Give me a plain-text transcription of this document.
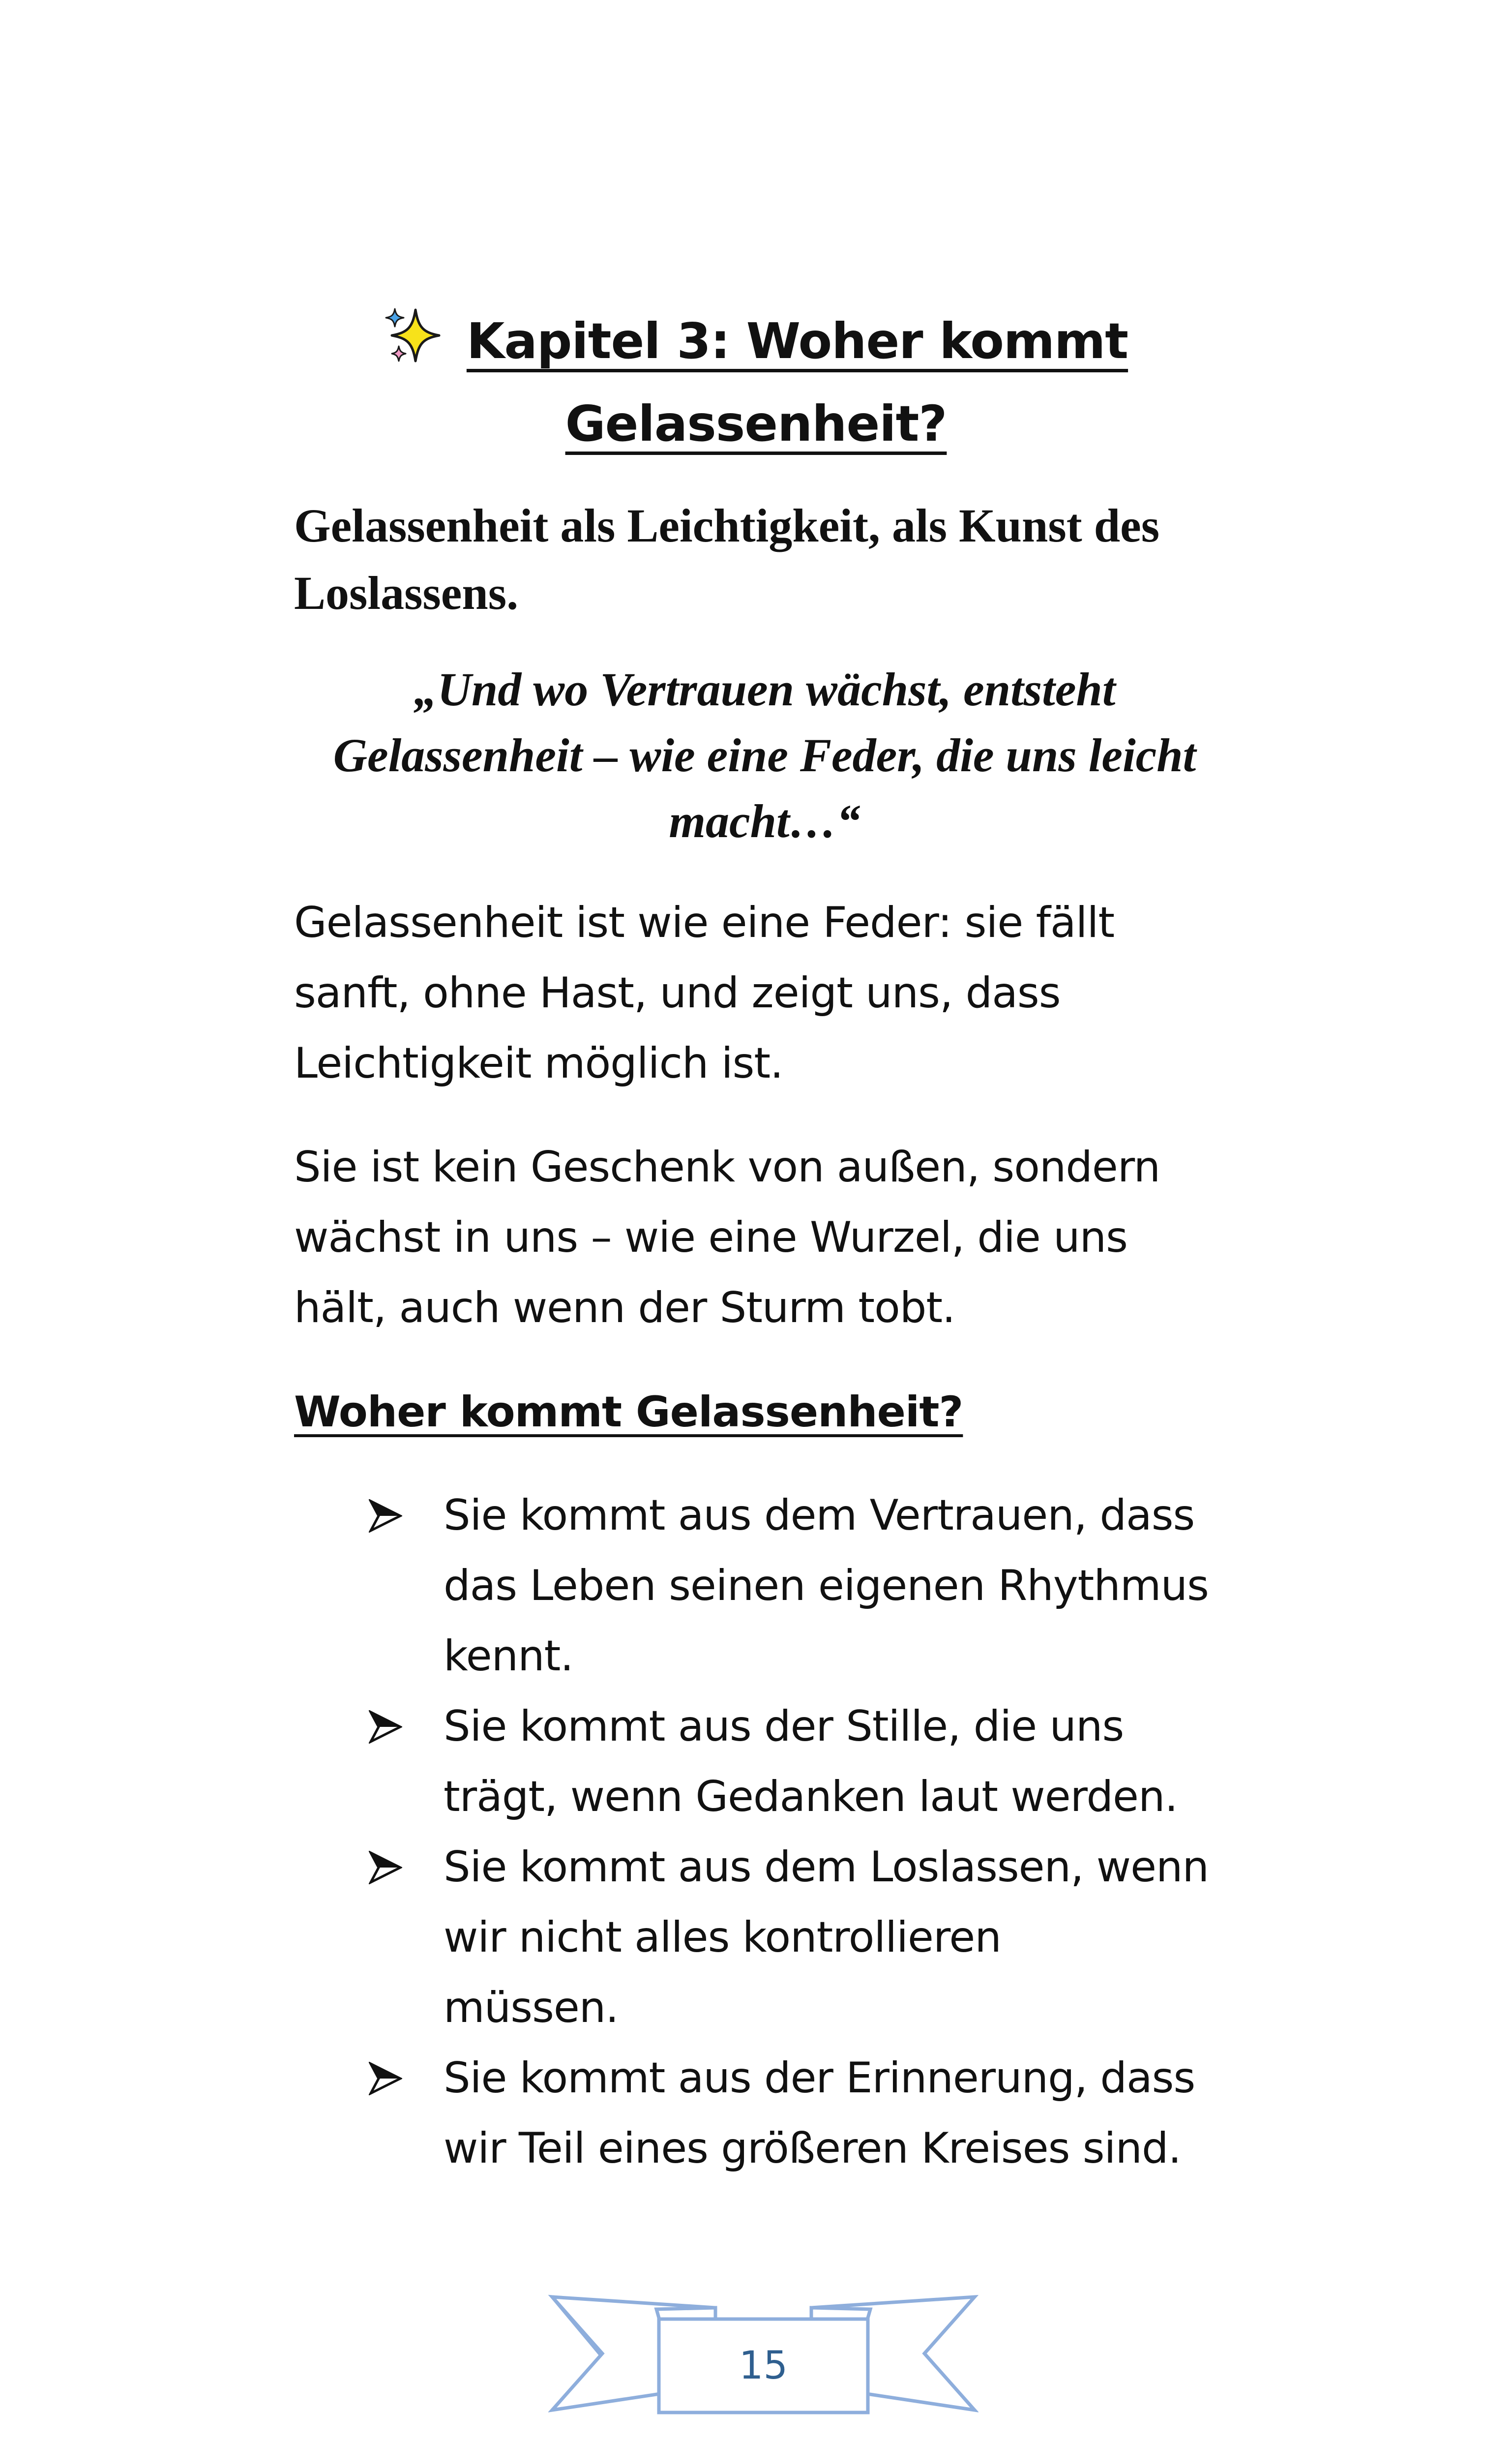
Kapitel 3: Woher kommt
Gelassenheit?
Gelassenheit als Leichtigkeit, als Kunst des
Loslassens.
„Und wo Vertrauen wächst, entsteht
Gelassenheit – wie eine Feder, die uns leicht
macht…“
Gelassenheit ist wie eine Feder: sie fällt
sanft, ohne Hast, und zeigt uns, dass
Leichtigkeit möglich ist.
Sie ist kein Geschenk von außen, sondern
wächst in uns – wie eine Wurzel, die uns
hält, auch wenn der Sturm tobt.
Woher kommt Gelassenheit?
Sie kommt aus dem Vertrauen, dass
das Leben seinen eigenen Rhythmus
kennt.
Sie kommt aus der Stille, die uns
trägt, wenn Gedanken laut werden.
Sie kommt aus dem Loslassen, wenn
wir nicht alles kontrollieren
müssen.
Sie kommt aus der Erinnerung, dass
wir Teil eines größeren Kreises sind.
15
